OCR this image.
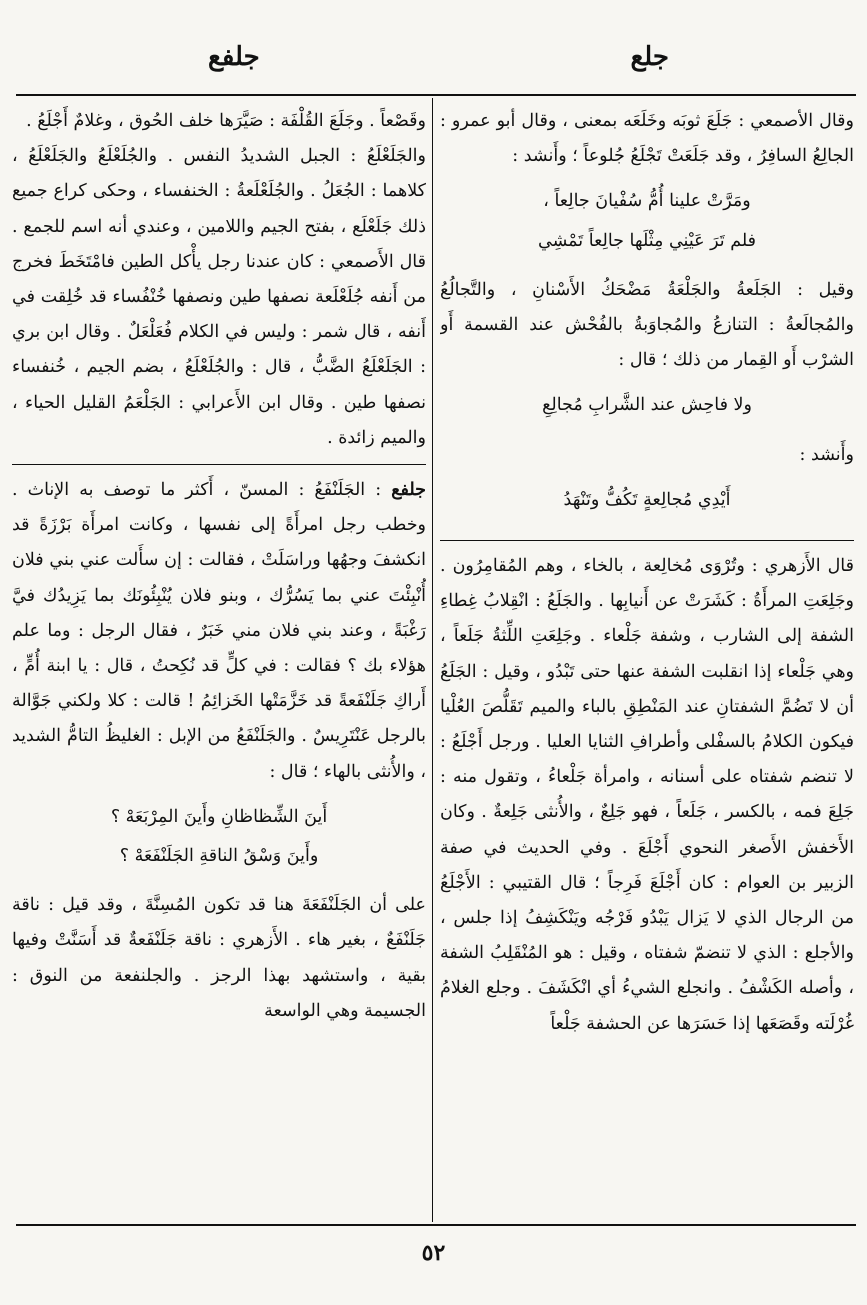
جلع
جلفع

وقال الأصمعي : جَلَعَ ثوبَه وخَلَعَه بمعنى ، وقال أبو عمرو : الجالِعُ السافِرُ ، وقد جَلَعَتْ تَجْلَعُ جُلوعاً ؛ وأَنشد :

ومَرَّتْ علينا أُمُّ سُفْيانَ جالِعاً ،

فلم تَرَ عَيْنِي مِثْلَها جالِعاً تَمْشِي

وقيل : الجَلَعةُ والجَلْعَةُ مَضْحَكُ الأَسْنانِ ، والتَّجالُعُ والمُجالَعةُ : التنازعُ والمُجاوَبةُ بالفُحْش عند القسمة أَو الشرْب أَو القِمار من ذلك ؛ قال :

ولا فاحِش عند الشَّرابِ مُجالِعِ

وأَنشد :

أَيْدِي مُجالِعةٍ تَكُفُّ وتَنْهَدُ

قال الأَزهري : وتُرْوَى مُخالِعة ، بالخاء ، وهم المُقامِرُون . وجَلِعَتِ المرأَةُ : كَشَرَتْ عن أَنيابِها . والجَلَعُ : انْقِلابُ غِطاءِ الشفة إلى الشارب ، وشفة جَلْعاء . وجَلِعَتِ اللِّثةُ جَلَعاً ، وهي جَلْعاء إذا انقلبت الشفة عنها حتى تَبْدُو ، وقيل : الجَلَعُ أن لا تَضُمَّ الشفتانِ عند المَنْطِقِ بالباء والميم تَقَلُّصَ العُلْيا فيكون الكلامُ بالسفْلى وأطرافِ الثنايا العليا . ورجل أَجْلَعُ : لا تنضم شفتاه على أسنانه ، وامرأة جَلْعاءُ ، وتقول منه : جَلِعَ فمه ، بالكسر ، جَلَعاً ، فهو جَلِعٌ ، والأُنثى جَلِعةٌ . وكان الأَخفش الأَصغر النحوي أَجْلَعَ . وفي الحديث في صفة الزبير بن العوام : كان أَجْلَعَ فَرِجاً ؛ قال القتيبي : الأَجْلَعُ من الرجال الذي لا يَزال يَبْدُو فَرْجُه ويَنْكَشِفُ إذا جلس ، والأجلع : الذي لا تنضمّ شفتاه ، وقيل : هو المُنْقَلِبُ الشفة ، وأصله الكَشْفُ . وانجلع الشيءُ أي انْكَشَفَ . وجلع الغلامُ غُرْلَته وقَصَعَها إذا حَسَرَها عن الحشفة جَلْعاً

وقَصْعاً . وجَلَعَ القُلْفَة : صَيَّرَها خلف الحُوق ، وغلامٌ أَجْلَعُ .

والجَلَعْلَعُ : الجبل الشديدُ النفس . والجُلَعْلَعُ والجَلَعْلَعُ ، كلاهما : الجُعَلُ . والجُلَعْلَعةُ : الخنفساء ، وحكى كراع جميع ذلك جَلَعْلَع ، بفتح الجيم واللامين ، وعندي أنه اسم للجمع . قال الأَصمعي : كان عندنا رجل يأْكل الطين فامْتَخَطَ فخرج من أَنفه جُلَعْلَعة نصفها طين ونصفها خُنْفُساء قد خُلِقت في أَنفه ، قال شمر : وليس في الكلام فُعَلْعَلٌ . وقال ابن بري : الجَلَعْلَعُ الضَّبُّ ، قال : والجُلَعْلَعُ ، بضم الجيم ، خُنفساء نصفها طين . وقال ابن الأَعرابي : الجَلْعَمُ القليل الحياء ، والميم زائدة .

جلفع : الجَلَنْفَعُ : المسنّ ، أَكثر ما توصف به الإناث . وخطب رجل امرأَةً إلى نفسها ، وكانت امرأَة بَرْزَةً قد انكشفَ وجهُها وراسَلَتْ ، فقالت : إن سأَلت عني بني فلان أُنْبِئْتَ عني بما يَسُرُّك ، وبنو فلان يُنْبِئُونَك بما يَزِيدُك فيَّ رَغْبَةً ، وعند بني فلان مني خَبَرٌ ، فقال الرجل : وما علم هؤلاء بك ؟ فقالت : في كلٍّ قد نُكِحتُ ، قال : يا ابنة أُمٍّ ، أَراكِ جَلَنْفَعةً قد خَزَّمَتْها الخَزائِمُ ! قالت : كلا ولكني جَوَّالة بالرجل عَنْتَرِيسٌ . والجَلَنْفَعُ من الإبل : الغليظُ التامُّ الشديد ، والأُنثى بالهاء ؛ قال :

أَينَ الشِّظاظانِ وأَينَ المِرْبَعَهْ ؟

وأَينَ وَسْقُ الناقةِ الجَلَنْفَعَهْ ؟

على أن الجَلَنْفَعَةَ هنا قد تكون المُسِنَّةَ ، وقد قيل : ناقة جَلَنْفَعٌ ، بغير هاء . الأَزهري : ناقة جَلَنْفَعةٌ قد أَسَنَّتْ وفيها بقية ، واستشهد بهذا الرجز . والجلنفعة من النوق : الجسيمة وهي الواسعة

٥٢
